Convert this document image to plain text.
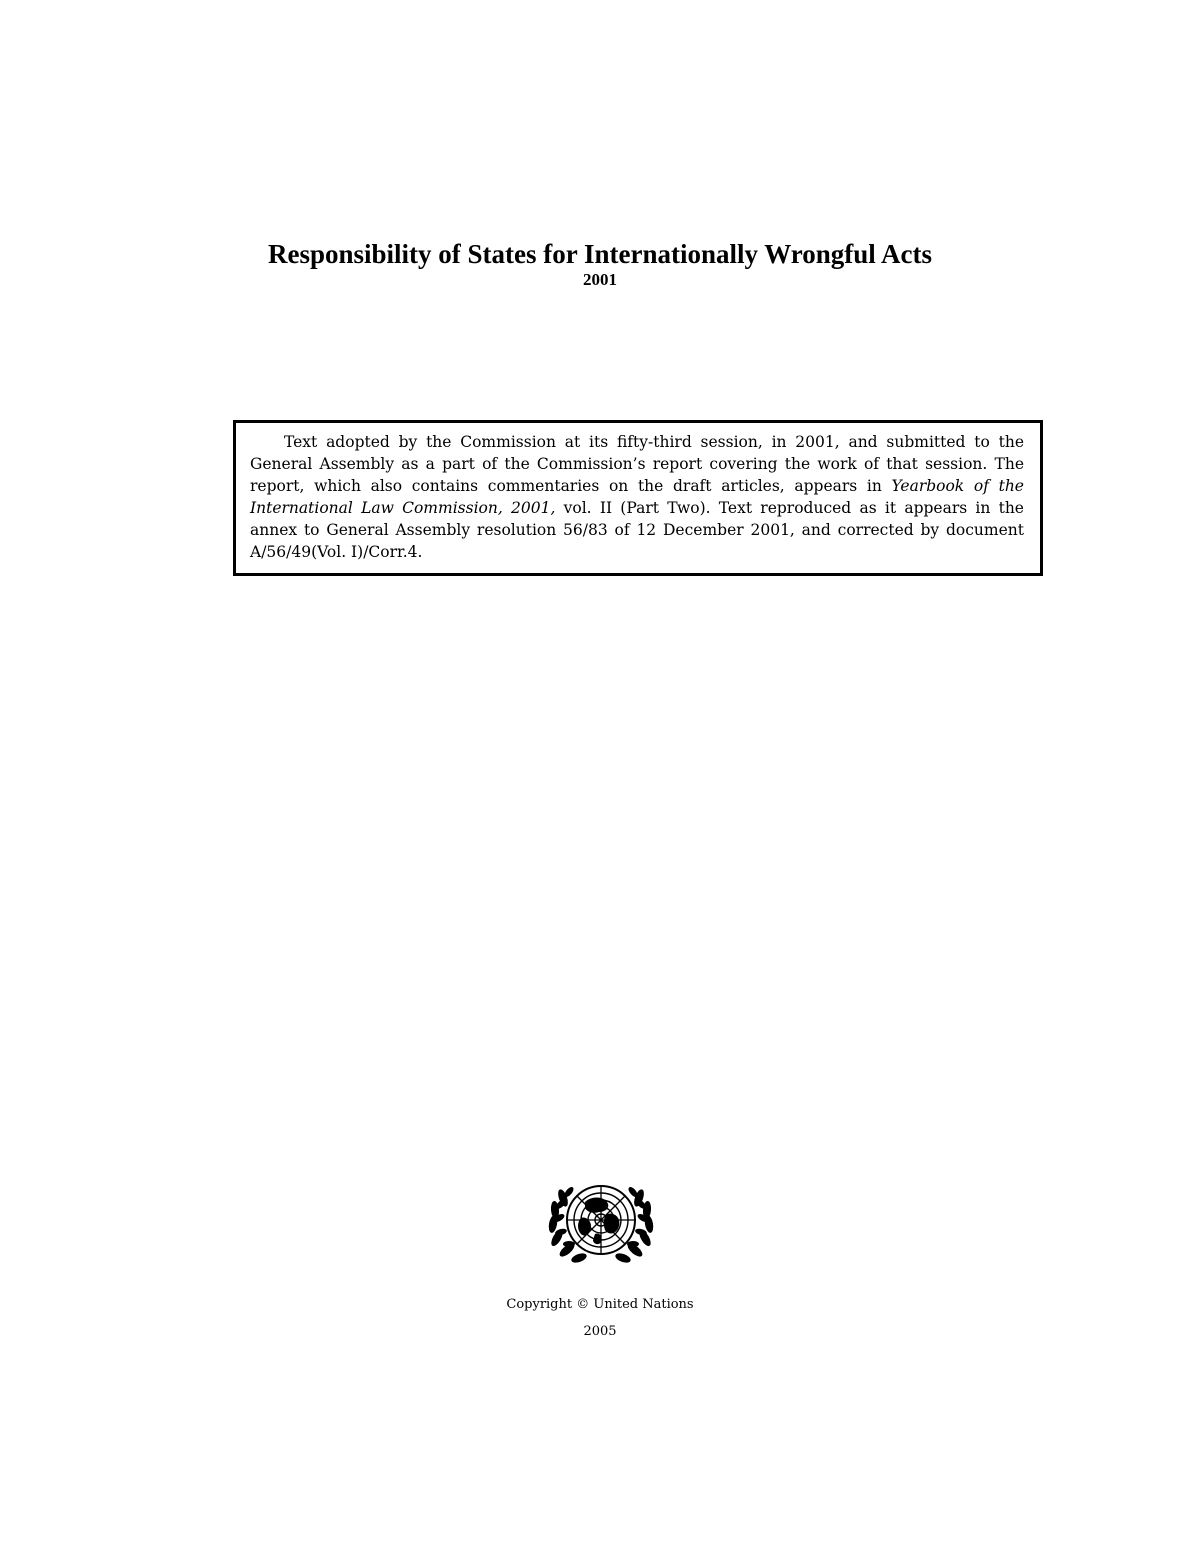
Responsibility of States for Internationally Wrongful Acts
2001

Text adopted by the Commission at its fifty-third session, in 2001, and submitted to the General Assembly as a part of the Commission’s report covering the work of that session. The report, which also contains commentaries on the draft articles, appears in Yearbook of the International Law Commission, 2001, vol. II (Part Two). Text reproduced as it appears in the annex to General Assembly resolution 56/83 of 12 December 2001, and corrected by document A/56/49(Vol. I)/Corr.4.

Copyright © United Nations
2005
